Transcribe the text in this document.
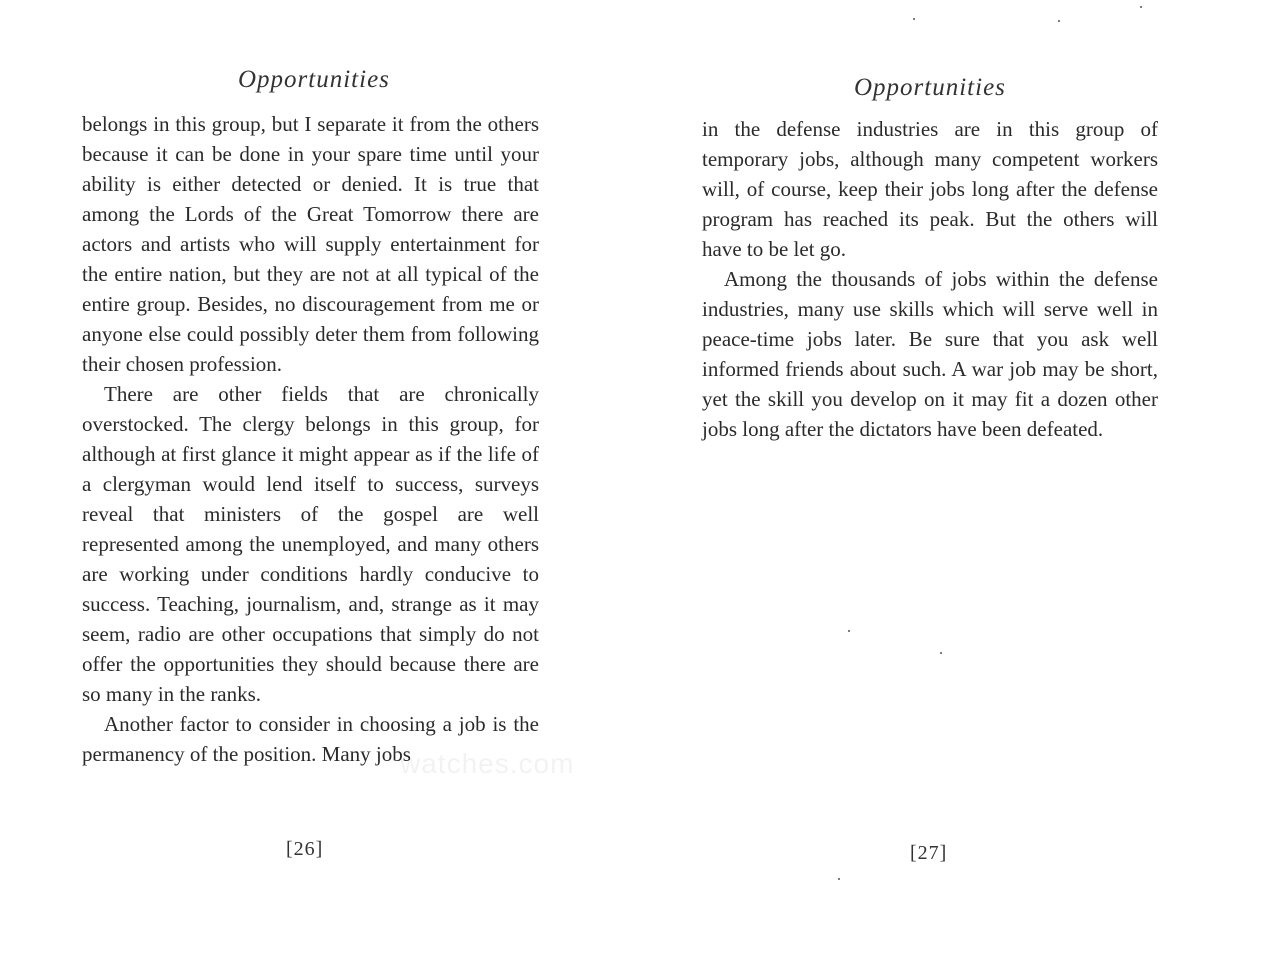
Opportunities

belongs in this group, but I separate it from the others because it can be done in your spare time until your ability is either detected or denied. It is true that among the Lords of the Great Tomorrow there are actors and artists who will supply entertainment for the entire nation, but they are not at all typical of the entire group. Besides, no discouragement from me or anyone else could possibly deter them from following their chosen profession.

There are other fields that are chronically overstocked. The clergy belongs in this group, for although at first glance it might appear as if the life of a clergyman would lend itself to success, surveys reveal that ministers of the gospel are well represented among the unemployed, and many others are working under conditions hardly conducive to success. Teaching, journalism, and, strange as it may seem, radio are other occupations that simply do not offer the opportunities they should because there are so many in the ranks.

Another factor to consider in choosing a job is the permanency of the position. Many jobs

[26]
Opportunities

in the defense industries are in this group of temporary jobs, although many competent workers will, of course, keep their jobs long after the defense program has reached its peak. But the others will have to be let go.

Among the thousands of jobs within the defense industries, many use skills which will serve well in peace-time jobs later. Be sure that you ask well informed friends about such. A war job may be short, yet the skill you develop on it may fit a dozen other jobs long after the dictators have been defeated.

[27]
watches.com
